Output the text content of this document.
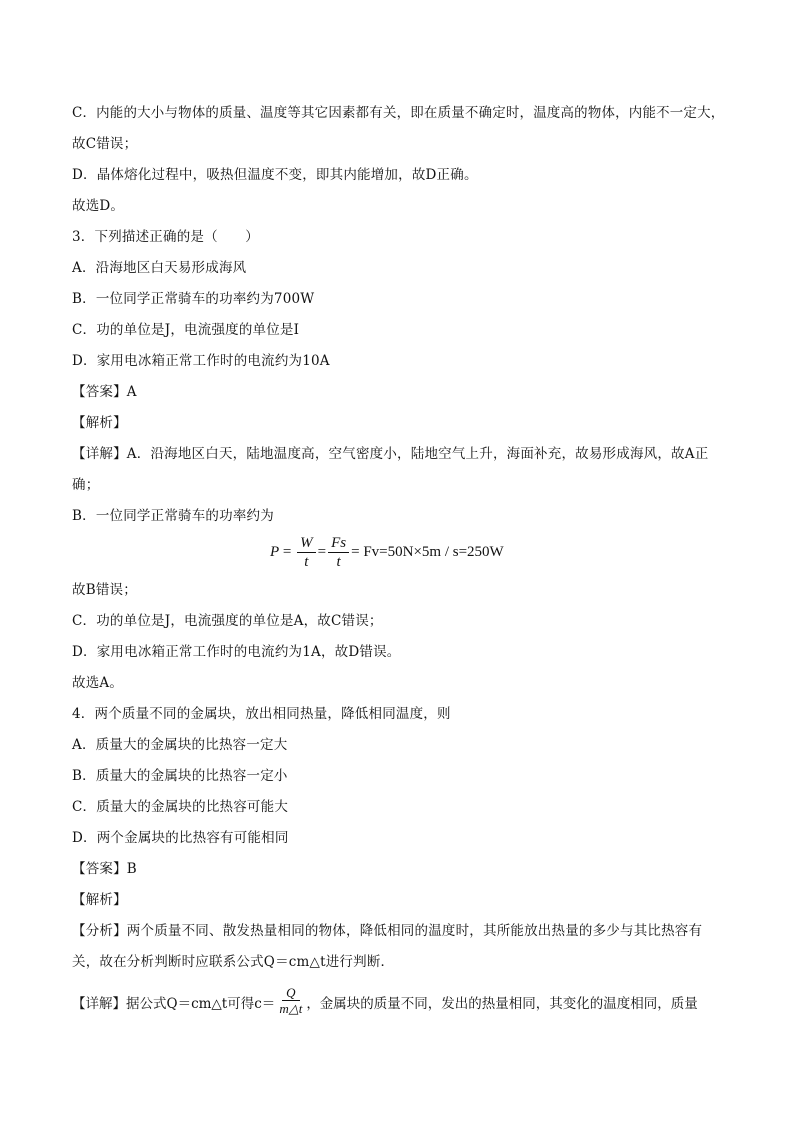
C．内能的大小与物体的质量、温度等其它因素都有关，即在质量不确定时，温度高的物体，内能不一定大，
故C错误；
D．晶体熔化过程中，吸热但温度不变，即其内能增加，故D正确。
故选D。
3．下列描述正确的是（　　）
A．沿海地区白天易形成海风
B．一位同学正常骑车的功率约为700W
C．功的单位是J，电流强度的单位是I
D．家用电冰箱正常工作时的电流约为10A
【答案】A
【解析】
【详解】A．沿海地区白天，陆地温度高，空气密度小，陆地空气上升，海面补充，故易形成海风，故A正
确；
B．一位同学正常骑车的功率约为
$P = \frac{W}{t} = \frac{Fs}{t} = Fv=50N\times 5m / s=250W$
故B错误；
C．功的单位是J，电流强度的单位是A，故C错误；
D．家用电冰箱正常工作时的电流约为1A，故D错误。
故选A。
4．两个质量不同的金属块，放出相同热量，降低相同温度，则
A．质量大的金属块的比热容一定大
B．质量大的金属块的比热容一定小
C．质量大的金属块的比热容可能大
D．两个金属块的比热容有可能相同
【答案】B
【解析】
【分析】两个质量不同、散发热量相同的物体，降低相同的温度时，其所能放出热量的多少与其比热容有
关，故在分析判断时应联系公式Q＝cm△t进行判断．
【详解】据公式Q＝cm△t可得$c= \frac{Q}{m\triangle t}$ ，金属块的质量不同，发出的热量相同，其变化的温度相同，质量
